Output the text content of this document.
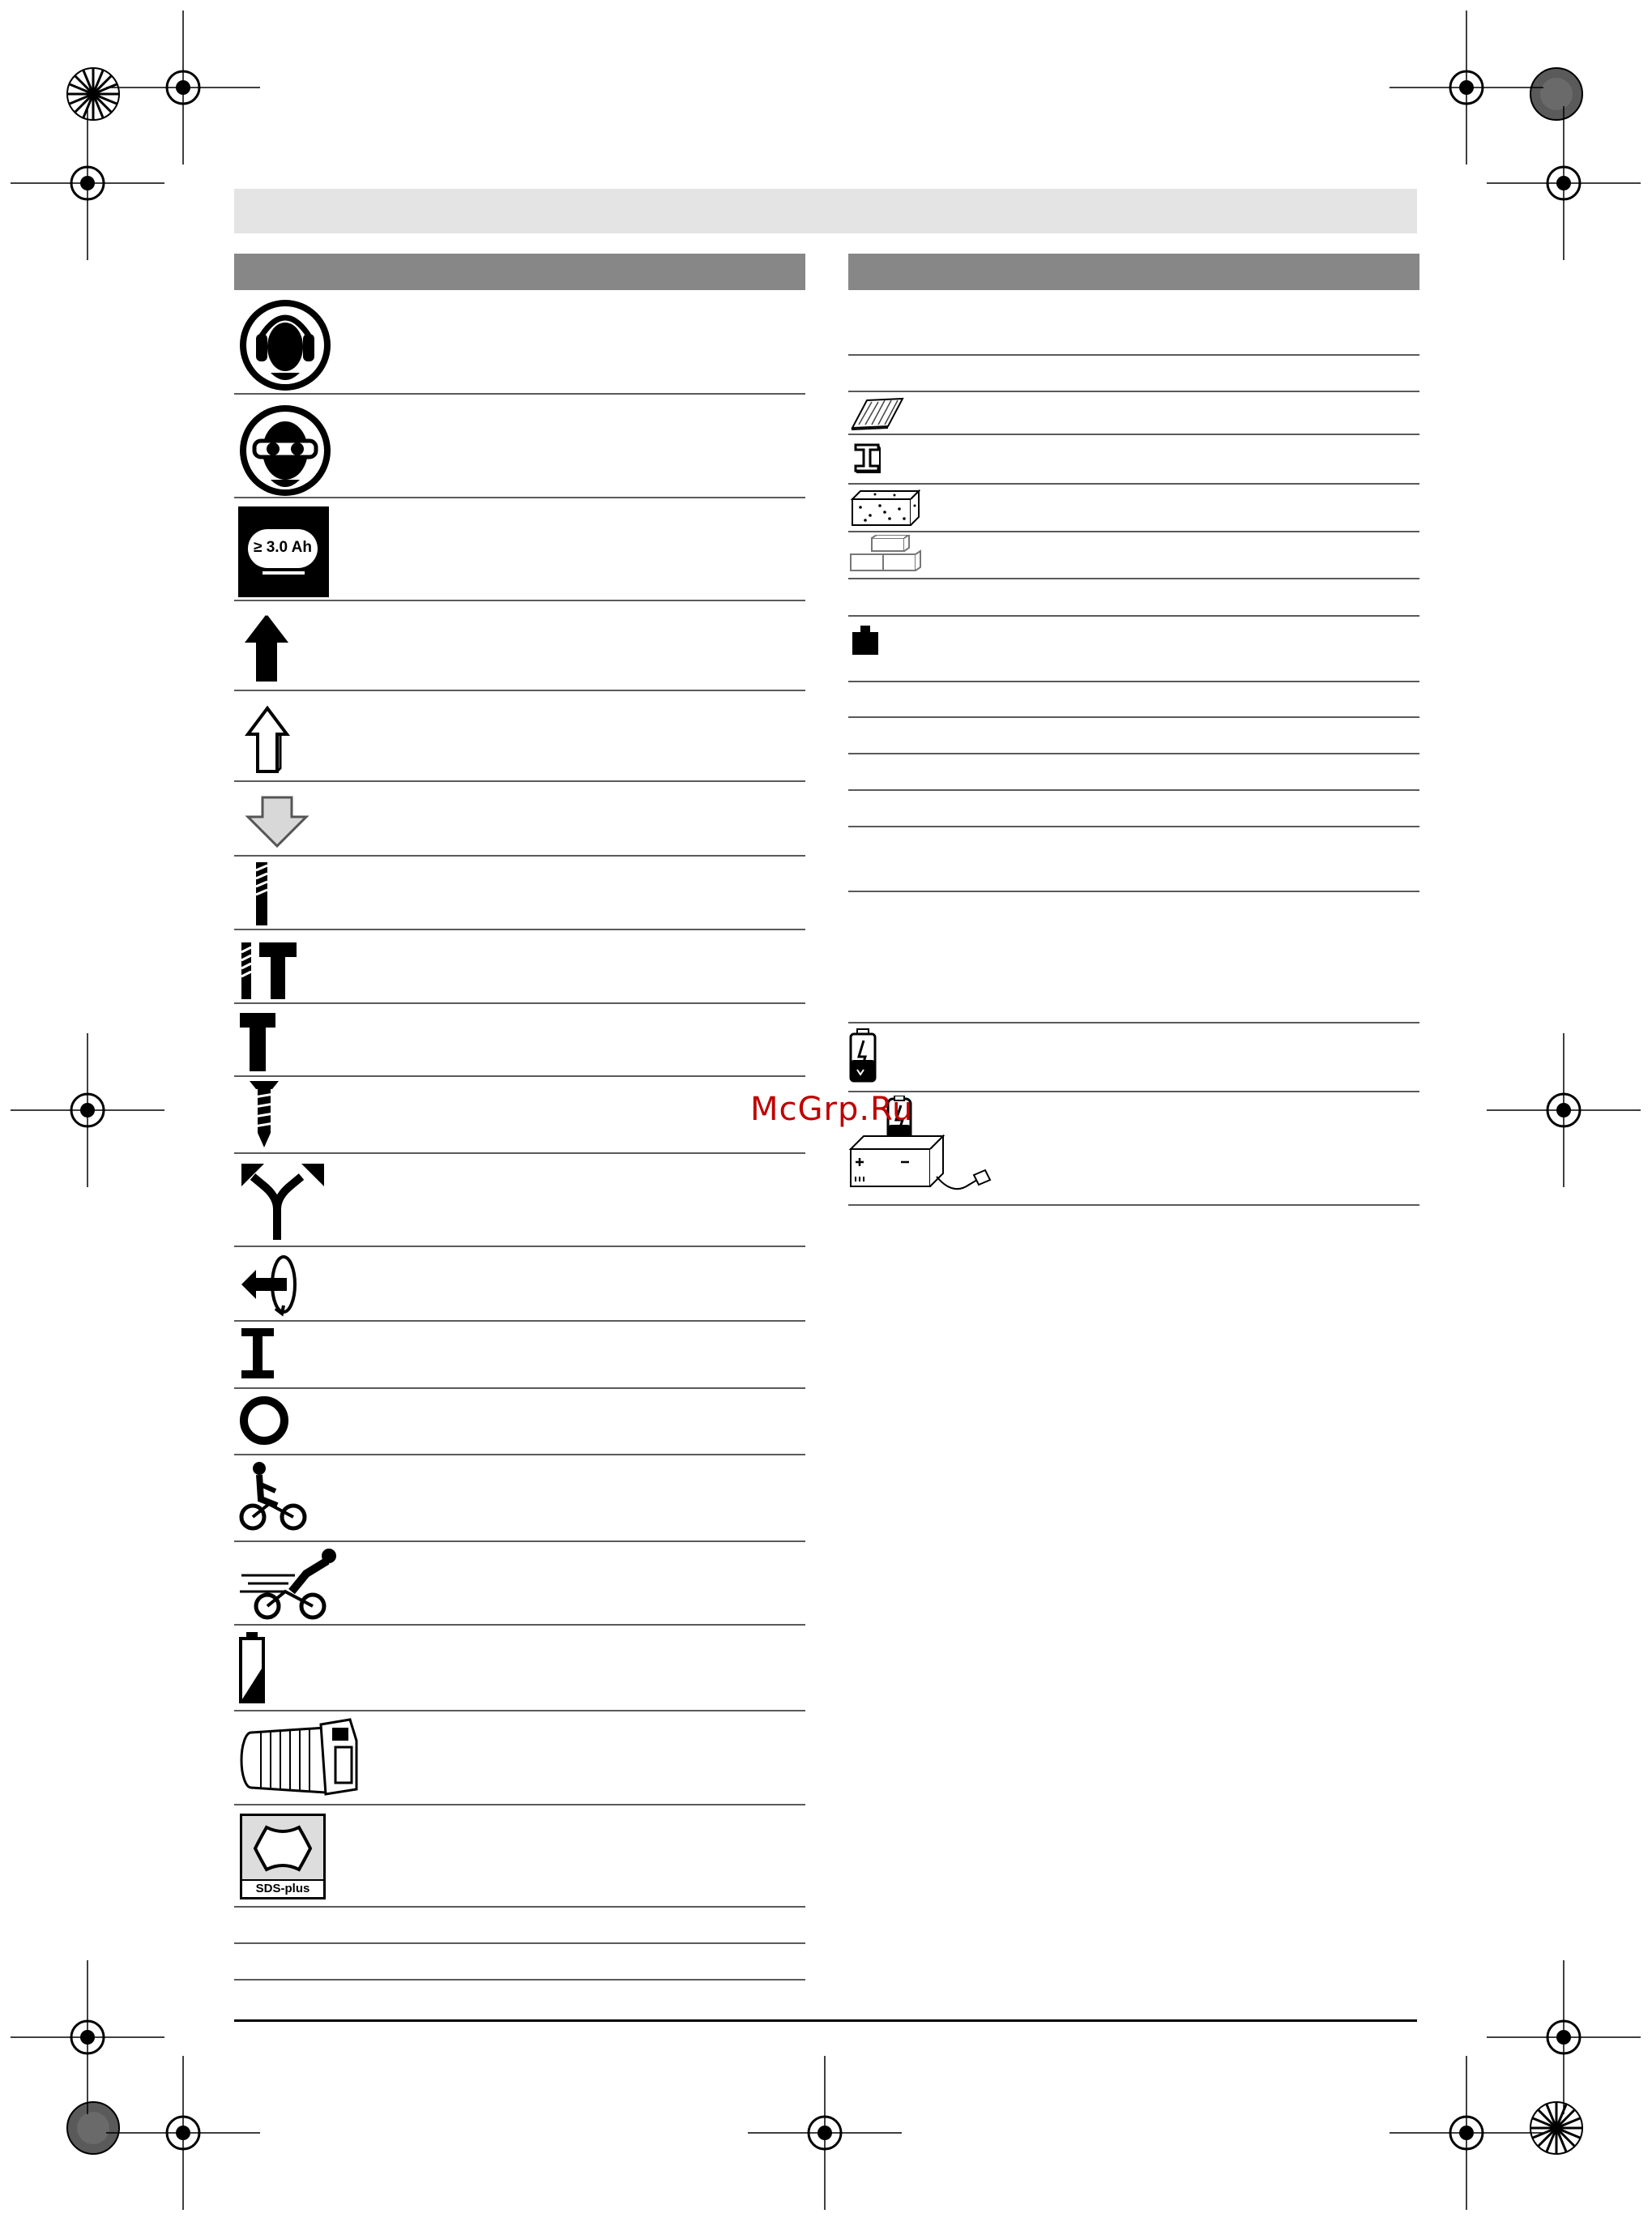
≥ 3.0 Ah
SDS-plus
McGrp.Ru
